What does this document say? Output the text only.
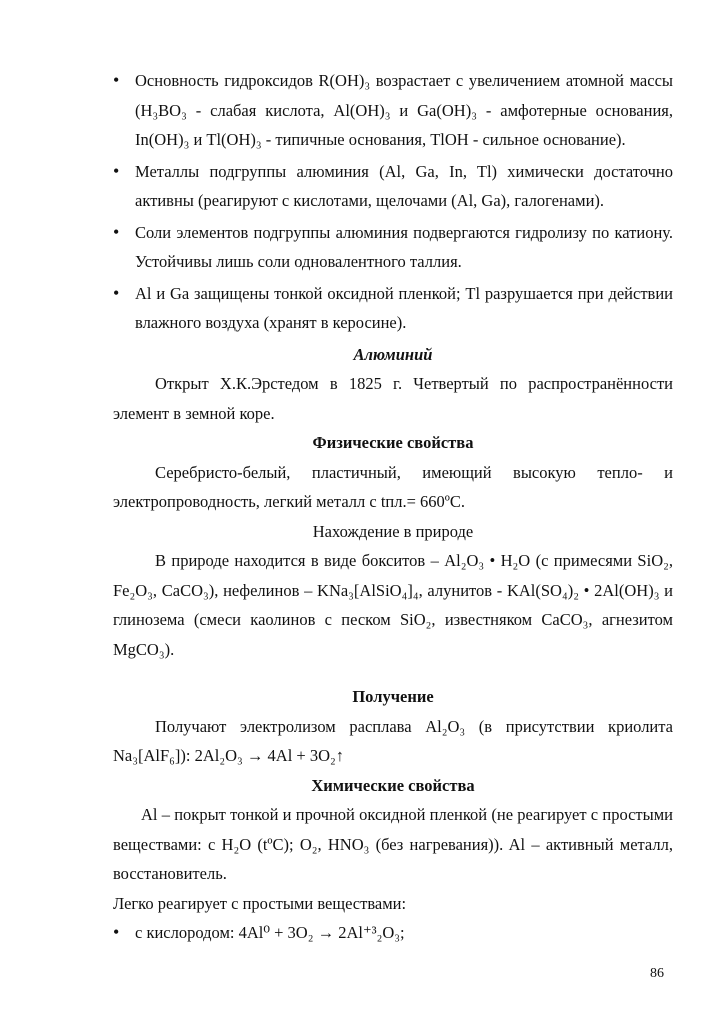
• Основность гидроксидов R(OH)₃ возрастает с увеличением атомной массы (H₃BO₃ - слабая кислота, Al(OH)₃ и Ga(OH)₃ - амфотерные основания, In(OH)₃ и Tl(OH)₃ - типичные основания, TlOH - сильное основание).
• Металлы подгруппы алюминия (Al, Ga, In, Tl) химически достаточно активны (реагируют с кислотами, щелочами (Al, Ga), галогенами).
• Соли элементов подгруппы алюминия подвергаются гидролизу по катиону. Устойчивы лишь соли одновалентного таллия.
• Al и Ga защищены тонкой оксидной пленкой; Tl разрушается при действии влажного воздуха (хранят в керосине).

Алюминий

Открыт Х.К.Эрстедом в 1825 г. Четвертый по распространённости элемент в земной коре.

Физические свойства

Серебристо-белый, пластичный, имеющий высокую тепло- и электропроводность, легкий металл с tпл.= 660ºC.

Нахождение в природе

В природе находится в виде бокситов – Al₂O₃ • H₂O (с примесями SiO₂, Fe₂O₃, CaCO₃), нефелинов – KNa₃[AlSiO₄]₄, алунитов - KAl(SO₄)₂ • 2Al(OH)₃ и глинозема (смеси каолинов с песком SiO₂, известняком CaCO₃, агнезитом MgCO₃).

Получение

Получают электролизом расплава Al₂O₃ (в присутствии криолита Na₃[AlF₆]): 2Al₂O₃ → 4Al + 3O₂↑

Химические свойства

Al – покрыт тонкой и прочной оксидной пленкой (не реагирует с простыми веществами: с H₂O (tºC); O₂, HNO₃ (без нагревания)). Al – активный металл, восстановитель.

Легко реагирует с простыми веществами:

• с кислородом: 4Al⁰ + 3O₂ → 2Al⁺³₂O₃;
86
